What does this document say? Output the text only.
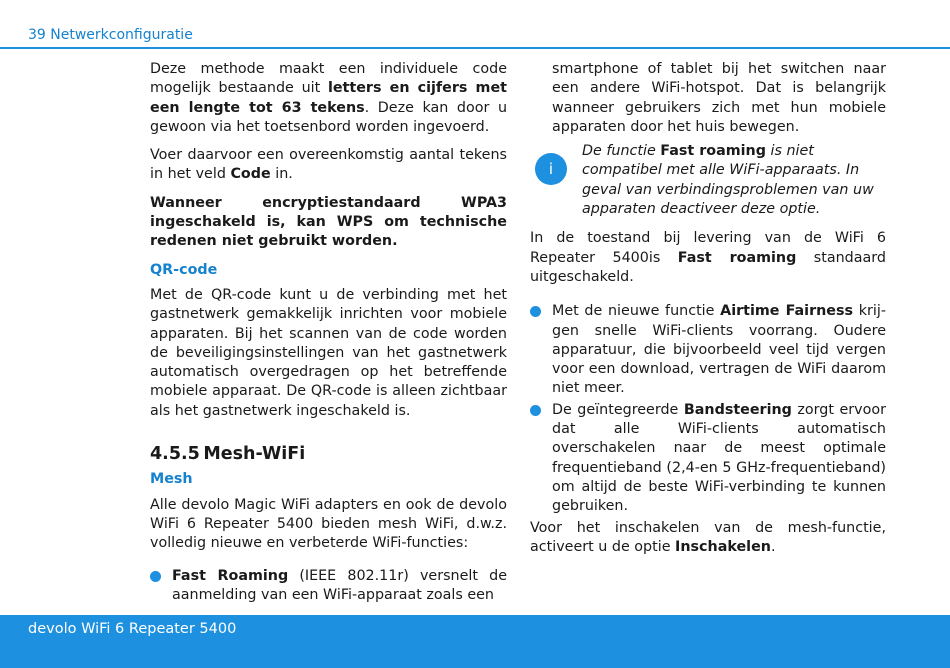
39 Netwerkconfiguratie

Deze methode maakt een individuele code mogelijk bestaande uit letters en cijfers met een lengte tot 63 tekens. Deze kan door u gewoon via het toetsenbord worden ingevoerd.

Voer daarvoor een overeenkomstig aantal tekens in het veld Code in.

Wanneer encryptiestandaard WPA3 ingeschakeld is, kan WPS om technische redenen niet gebruikt worden.

QR-code

Met de QR-code kunt u de verbinding met het gastnetwerk gemakkelijk inrichten voor mobiele apparaten. Bij het scannen van de code worden de beveiligingsinstellingen van het gastnetwerk automatisch overgedragen op het betreffende mobiele apparaat. De QR-code is alleen zichtbaar als het gastnetwerk ingeschakeld is.

4.5.5 Mesh-WiFi
Mesh

Alle devolo Magic WiFi adapters en ook de devolo WiFi 6 Repeater 5400 bieden mesh WiFi, d.w.z. volledig nieuwe en verbeterde WiFi-functies:

Fast Roaming (IEEE 802.11r) versnelt de aanmelding van een WiFi-apparaat zoals een

smartphone of tablet bij het switchen naar een andere WiFi-hotspot. Dat is belangrijk wanneer gebruikers zich met hun mobiele apparaten door het huis bewegen.

i
De functie Fast roaming is niet compatibel met alle WiFi-apparaats. In geval van verbindingsproblemen van uw apparaten deactiveer deze optie.

In de toestand bij levering van de WiFi 6 Repeater 5400is Fast roaming standaard uitgeschakeld.

Met de nieuwe functie Airtime Fairness krijgen snelle WiFi-clients voorrang. Oudere apparatuur, die bijvoorbeeld veel tijd vergen voor een download, vertragen de WiFi daarom niet meer.
De geïntegreerde Bandsteering zorgt ervoor dat alle WiFi-clients automatisch overschakelen naar de meest optimale frequentieband (2,4-en 5 GHz-frequentieband) om altijd de beste WiFi-verbinding te kunnen gebruiken.

Voor het inschakelen van de mesh-functie, activeert u de optie Inschakelen.

devolo WiFi 6 Repeater 5400
